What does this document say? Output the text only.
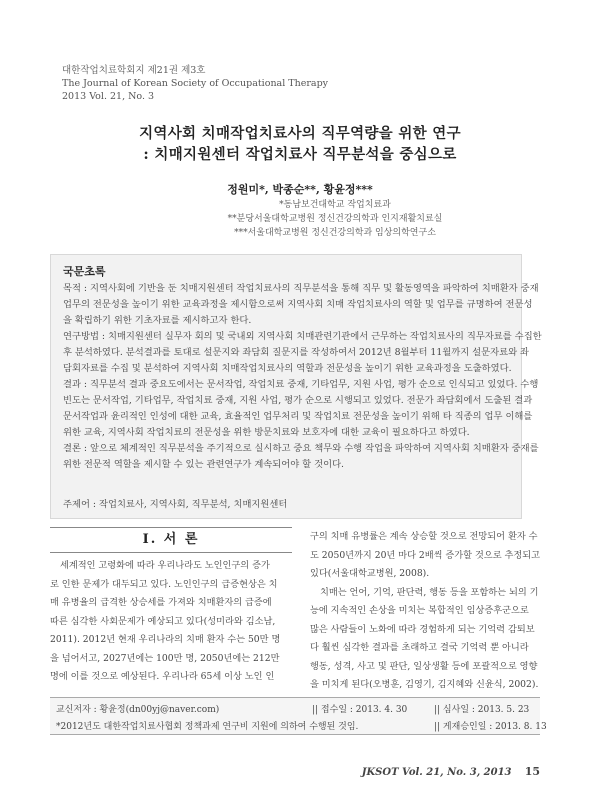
대한작업치료학회지 제21권 제3호
The Journal of Korean Society of Occupational Therapy
2013 Vol. 21, No. 3
지역사회 치매작업치료사의 직무역량을 위한 연구
: 치매지원센터 작업치료사 직무분석을 중심으로
정원미*, 박종순**, 황윤정***
*동남보건대학교 작업치료과
**분당서울대학교병원 정신건강의학과 인지재활치료실
***서울대학교병원 정신건강의학과 임상의학연구소
국문초록
목적 : 지역사회에 기반을 둔 치매지원센터 작업치료사의 직무분석을 통해 직무 및 활동영역을 파악하여 치매환자 중재
업무의 전문성을 높이기 위한 교육과정을 제시함으로써 지역사회 치매 작업치료사의 역할 및 업무를 규명하여 전문성
을 확립하기 위한 기초자료를 제시하고자 한다.
연구방법 : 치매지원센터 실무자 회의 및 국내외 지역사회 치매관련기관에서 근무하는 작업치료사의 직무자료를 수집한
후 분석하였다. 분석결과를 토대로 설문지와 좌담회 질문지를 작성하여서 2012년 8월부터 11월까지 설문자료와 좌
담회자료를 수집 및 분석하여 지역사회 치매작업치료사의 역할과 전문성을 높이기 위한 교육과정을 도출하였다.
결과 : 직무분석 결과 중요도에서는 문서작업, 작업치료 중재, 기타업무, 지원 사업, 평가 순으로 인식되고 있었다. 수행
빈도는 문서작업, 기타업무, 작업치료 중재, 지원 사업, 평가 순으로 시행되고 있었다. 전문가 좌담회에서 도출된 결과
문서작업과 윤리적인 인성에 대한 교육, 효율적인 업무처리 및 작업치료 전문성을 높이기 위해 타 직종의 업무 이해를
위한 교육, 지역사회 작업치료의 전문성을 위한 방문치료와 보호자에 대한 교육이 필요하다고 하였다.
결론 : 앞으로 체계적인 직무분석을 주기적으로 실시하고 중요 책무와 수행 작업을 파악하여 지역사회 치매환자 중재를
위한 전문적 역할을 제시할 수 있는 관련연구가 계속되어야 할 것이다.
주제어 : 작업치료사, 지역사회, 직무분석, 치매지원센터
Ⅰ. 서 론
세계적인 고령화에 따라 우리나라도 노인인구의 증가
로 인한 문제가 대두되고 있다. 노인인구의 급증현상은 치
매 유병율의 급격한 상승세를 가져와 치매환자의 급증에
따른 심각한 사회문제가 예상되고 있다(성미라와 김소남,
2011). 2012년 현재 우리나라의 치매 환자 수는 50만 명
을 넘어서고, 2027년에는 100만 명, 2050년에는 212만
명에 이를 것으로 예상된다. 우리나라 65세 이상 노인 인
구의 치매 유병률은 계속 상승할 것으로 전망되어 환자 수
도 2050년까지 20년 마다 2배씩 증가할 것으로 추정되고
있다(서울대학교병원, 2008).
치매는 언어, 기억, 판단력, 행동 등을 포함하는 뇌의 기
능에 지속적인 손상을 미치는 복합적인 임상증후군으로
많은 사람들이 노화에 따라 경험하게 되는 기억력 감퇴보
다 훨씬 심각한 결과를 초래하고 결국 기억력 뿐 아니라
행동, 성격, 사고 및 판단, 일상생활 등에 포괄적으로 영향
을 미치게 된다(오병훈, 김영기, 김지혜와 신윤식, 2002).
교신저자 : 황윤정(dn00yj@naver.com)	|| 접수일 : 2013. 4. 30	|| 심사일 : 2013. 5. 23
*2012년도 대한작업치료사협회 정책과제 연구비 지원에 의하여 수행된 것임.	|| 게재승인일 : 2013. 8. 13
JKSOT Vol. 21, No. 3, 2013 15
